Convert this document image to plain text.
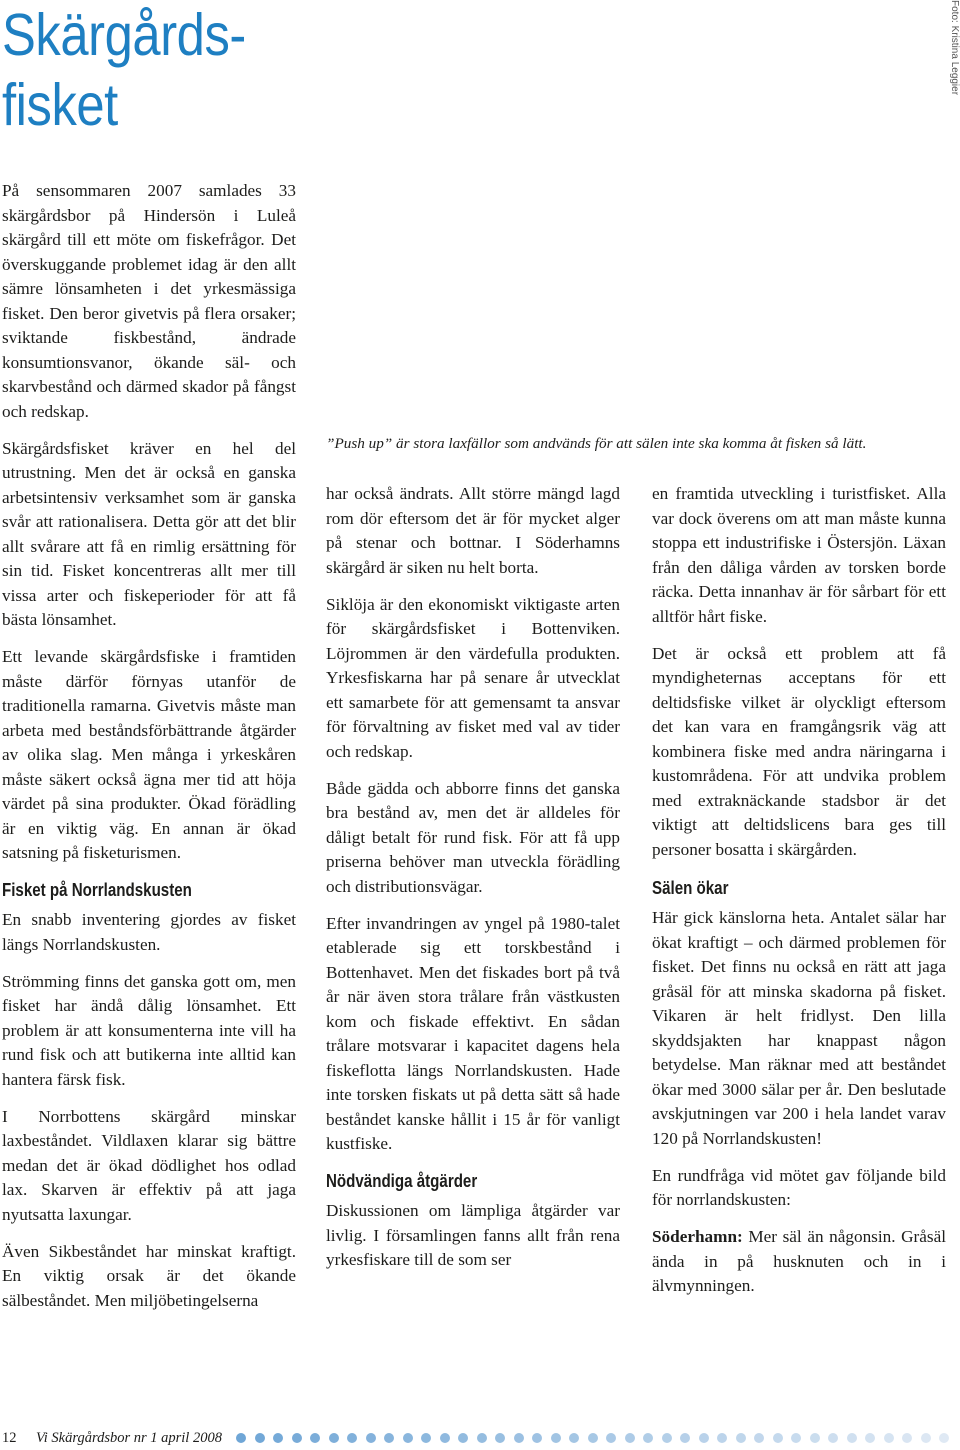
Skärgårds-
fisket
Foto: Kristina Leggier

”Push up” är stora laxfällor som andvänds för att sälen inte ska komma åt fisken så lätt.

På sensommaren 2007 samlades 33 skärgårdsbor på Hindersön i Luleå skärgård till ett möte om fiskefrågor. Det överskuggande problemet idag är den allt sämre lönsamheten i det yrkesmässiga fisket. Den beror givetvis på flera orsaker; sviktande fiskbestånd, ändrade konsumtionsvanor, ökande säl- och skarvbestånd och därmed skador på fångst och redskap.

Skärgårdsfisket kräver en hel del utrustning. Men det är också en ganska arbetsintensiv verksamhet som är ganska svår att rationalisera. Detta gör att det blir allt svårare att få en rimlig ersättning för sin tid. Fisket koncentreras allt mer till vissa arter och fiskeperioder för att få bästa lönsamhet.

Ett levande skärgårdsfiske i framtiden måste därför förnyas utanför de traditionella ramarna. Givetvis måste man arbeta med beståndsförbättrande åtgärder av olika slag. Men många i yrkeskåren måste säkert också ägna mer tid att höja värdet på sina produkter. Ökad förädling är en viktig väg. En annan är ökad satsning på fisketurismen.

Fisket på Norrlandskusten

En snabb inventering gjordes av fisket längs Norrlandskusten.

Strömming finns det ganska gott om, men fisket har ändå dålig lönsamhet. Ett problem är att konsumenterna inte vill ha rund fisk och att butikerna inte alltid kan hantera färsk fisk.

I Norrbottens skärgård minskar laxbeståndet. Vildlaxen klarar sig bättre medan det är ökad dödlighet hos odlad lax. Skarven är effektiv på att jaga nyutsatta laxungar.

Även Sikbeståndet har minskat kraftigt. En viktig orsak är det ökande sälbeståndet. Men miljöbetingelserna

har också ändrats. Allt större mängd lagd rom dör eftersom det är för mycket alger på stenar och bottnar. I Söderhamns skärgård är siken nu helt borta.

Siklöja är den ekonomiskt viktigaste arten för skärgårdsfisket i Bottenviken. Löjrommen är den värdefulla produkten. Yrkesfiskarna har på senare år utvecklat ett samarbete för att gemensamt ta ansvar för förvaltning av fisket med val av tider och redskap.

Både gädda och abborre finns det ganska bra bestånd av, men det är alldeles för dåligt betalt för rund fisk. För att få upp priserna behöver man utveckla förädling och distributionsvägar.

Efter invandringen av yngel på 1980-talet etablerade sig ett torskbestånd i Bottenhavet. Men det fiskades bort på två år när även stora trålare från västkusten kom och fiskade effektivt. En sådan trålare motsvarar i kapacitet dagens hela fiskeflotta längs Norrlandskusten. Hade inte torsken fiskats ut på detta sätt så hade beståndet kanske hållit i 15 år för vanligt kustfiske.

Nödvändiga åtgärder

Diskussionen om lämpliga åtgärder var livlig. I församlingen fanns allt från rena yrkesfiskare till de som ser

en framtida utveckling i turistfisket. Alla var dock överens om att man måste kunna stoppa ett industrifiske i Östersjön. Läxan från den dåliga vården av torsken borde räcka. Detta innanhav är för sårbart för ett alltför hårt fiske.

Det är också ett problem att få myndigheternas acceptans för ett deltidsfiske vilket är olyckligt eftersom det kan vara en framgångsrik väg att kombinera fiske med andra näringarna i kustområdena. För att undvika problem med extraknäckande stadsbor är det viktigt att deltidslicens bara ges till personer bosatta i skärgården.

Sälen ökar

Här gick känslorna heta. Antalet sälar har ökat kraftigt – och därmed problemen för fisket. Det finns nu också en rätt att jaga gråsäl för att minska skadorna på fisket. Vikaren är helt fridlyst. Den lilla skyddsjakten har knappast någon betydelse. Man räknar med att beståndet ökar med 3000 sälar per år. Den beslutade avskjutningen var 200 i hela landet varav 120 på Norrlandskusten!

En rundfråga vid mötet gav följande bild för norrlandskusten:

Söderhamn: Mer säl än någonsin. Gråsäl ända in på husknuten och in i älvmynningen.

12 Vi Skärgårdsbor nr 1 april 2008
